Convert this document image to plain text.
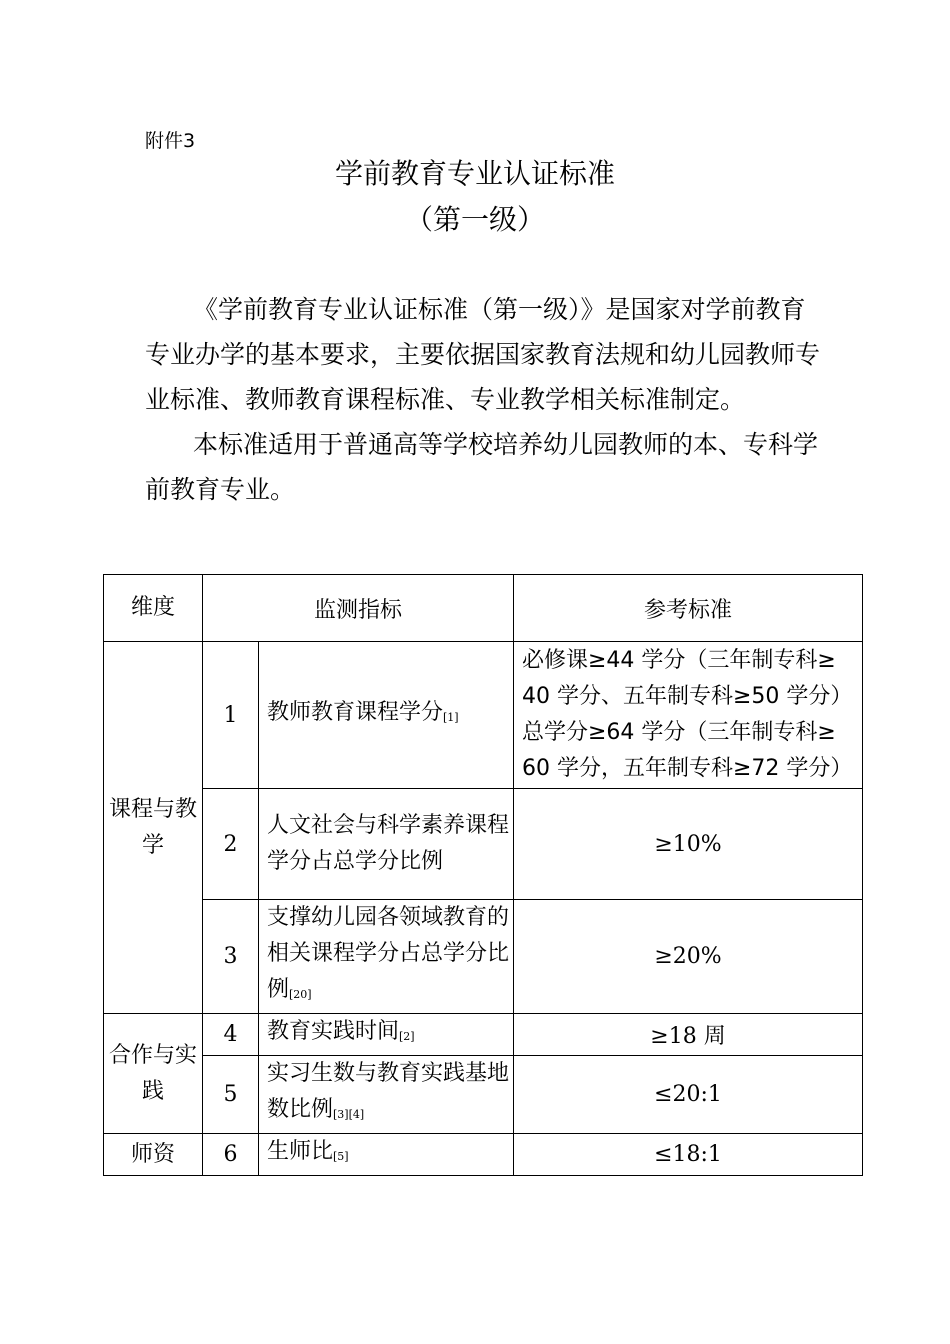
附件3
学前教育专业认证标准
（第一级）
《学前教育专业认证标准（第一级）》是国家对学前教育专业办学的基本要求，主要依据国家教育法规和幼儿园教师专业标准、教师教育课程标准、专业教学相关标准制定。
本标准适用于普通高等学校培养幼儿园教师的本、专科学前教育专业。
维度	监测指标		参考标准
课程与教学	1	教师教育课程学分[1]	必修课≥44 学分（三年制专科≥
40 学分、五年制专科≥50 学分）
总学分≥64 学分（三年制专科≥
60 学分，五年制专科≥72 学分）

	2	人文社会与科学素养课程学分占总学分比例	≥10%
	3	支撑幼儿园各领域教育的相关课程学分占总学分比例[20]	≥20%
合作与实践	4	教育实践时间[2]	≥18 周
	5	实习生数与教育实践基地数比例[3][4]	≤20:1
师资	6	生师比[5]	≤18:1
